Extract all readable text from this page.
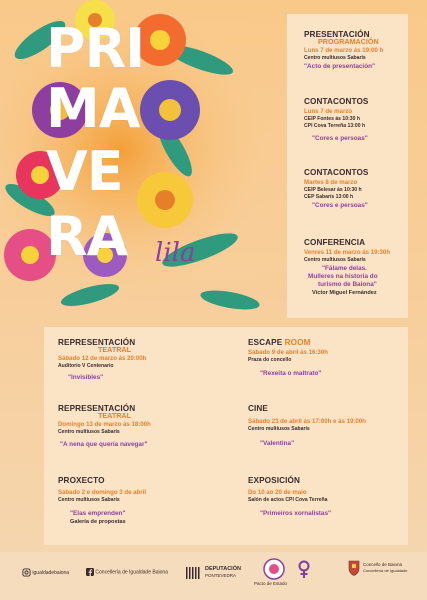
PRI
MA
VE
RA lila
PRESENTACIÓN
PROGRAMACIÓN
Luns 7 de marzo ás 19:00 h
Centro multiusos Sabarís
"Acto de presentación"
CONTACONTOS
Luns 7 de marzo
CEIP Fontes ás 10:30 h
CPI Cova Terreña 13:00 h
"Cores e persoas"
CONTACONTOS
Martes 8 de marzo
CEIP Belesar ás 10:30 h
CEP Sabarís 13:00 h
"Cores e persoas"
CONFERENCIA
Venres 11 de marzo ás 19:30h
Centro multiusos Sabarís
"Fálame delas.
Mulleres na historia do
turismo de Baiona"
Víctor Miguel Fernández
REPRESENTACIÓN
TEATRAL
Sábado 12 de marzo ás 20:00h
Auditorio V Centenario
"Invisibles"
REPRESENTACIÓN
TEATRAL
Domingo 13 de marzo ás 18:00h
Centro multiusos Sabarís
"A nena que quería navegar"
PROXECTO
Sábado 2 e domingo 3 de abril
Centro multiusos Sabarís
"Elas emprenden"
Galería de propostas
ESCAPE ROOM
Sábado 9 de abril ás 16:30h
Praza do concello
"Rexeita o maltrato"
CINE
Sábado 23 de abril ás 17:00h e ás 19:00h
Centro multiusos Sabarís
"Valentina"
EXPOSICIÓN
Do 10 ao 20 de maio
Salón de actos CPI Cova Terreña
"Primeiros xornalistas"
igualdadebaiona	Concellería de Igualdade Baiona
DEPUTACIÓN
PONTEVEDRA
Pacto de Estado
Concello de Baiona
Concellería de Igualdade
